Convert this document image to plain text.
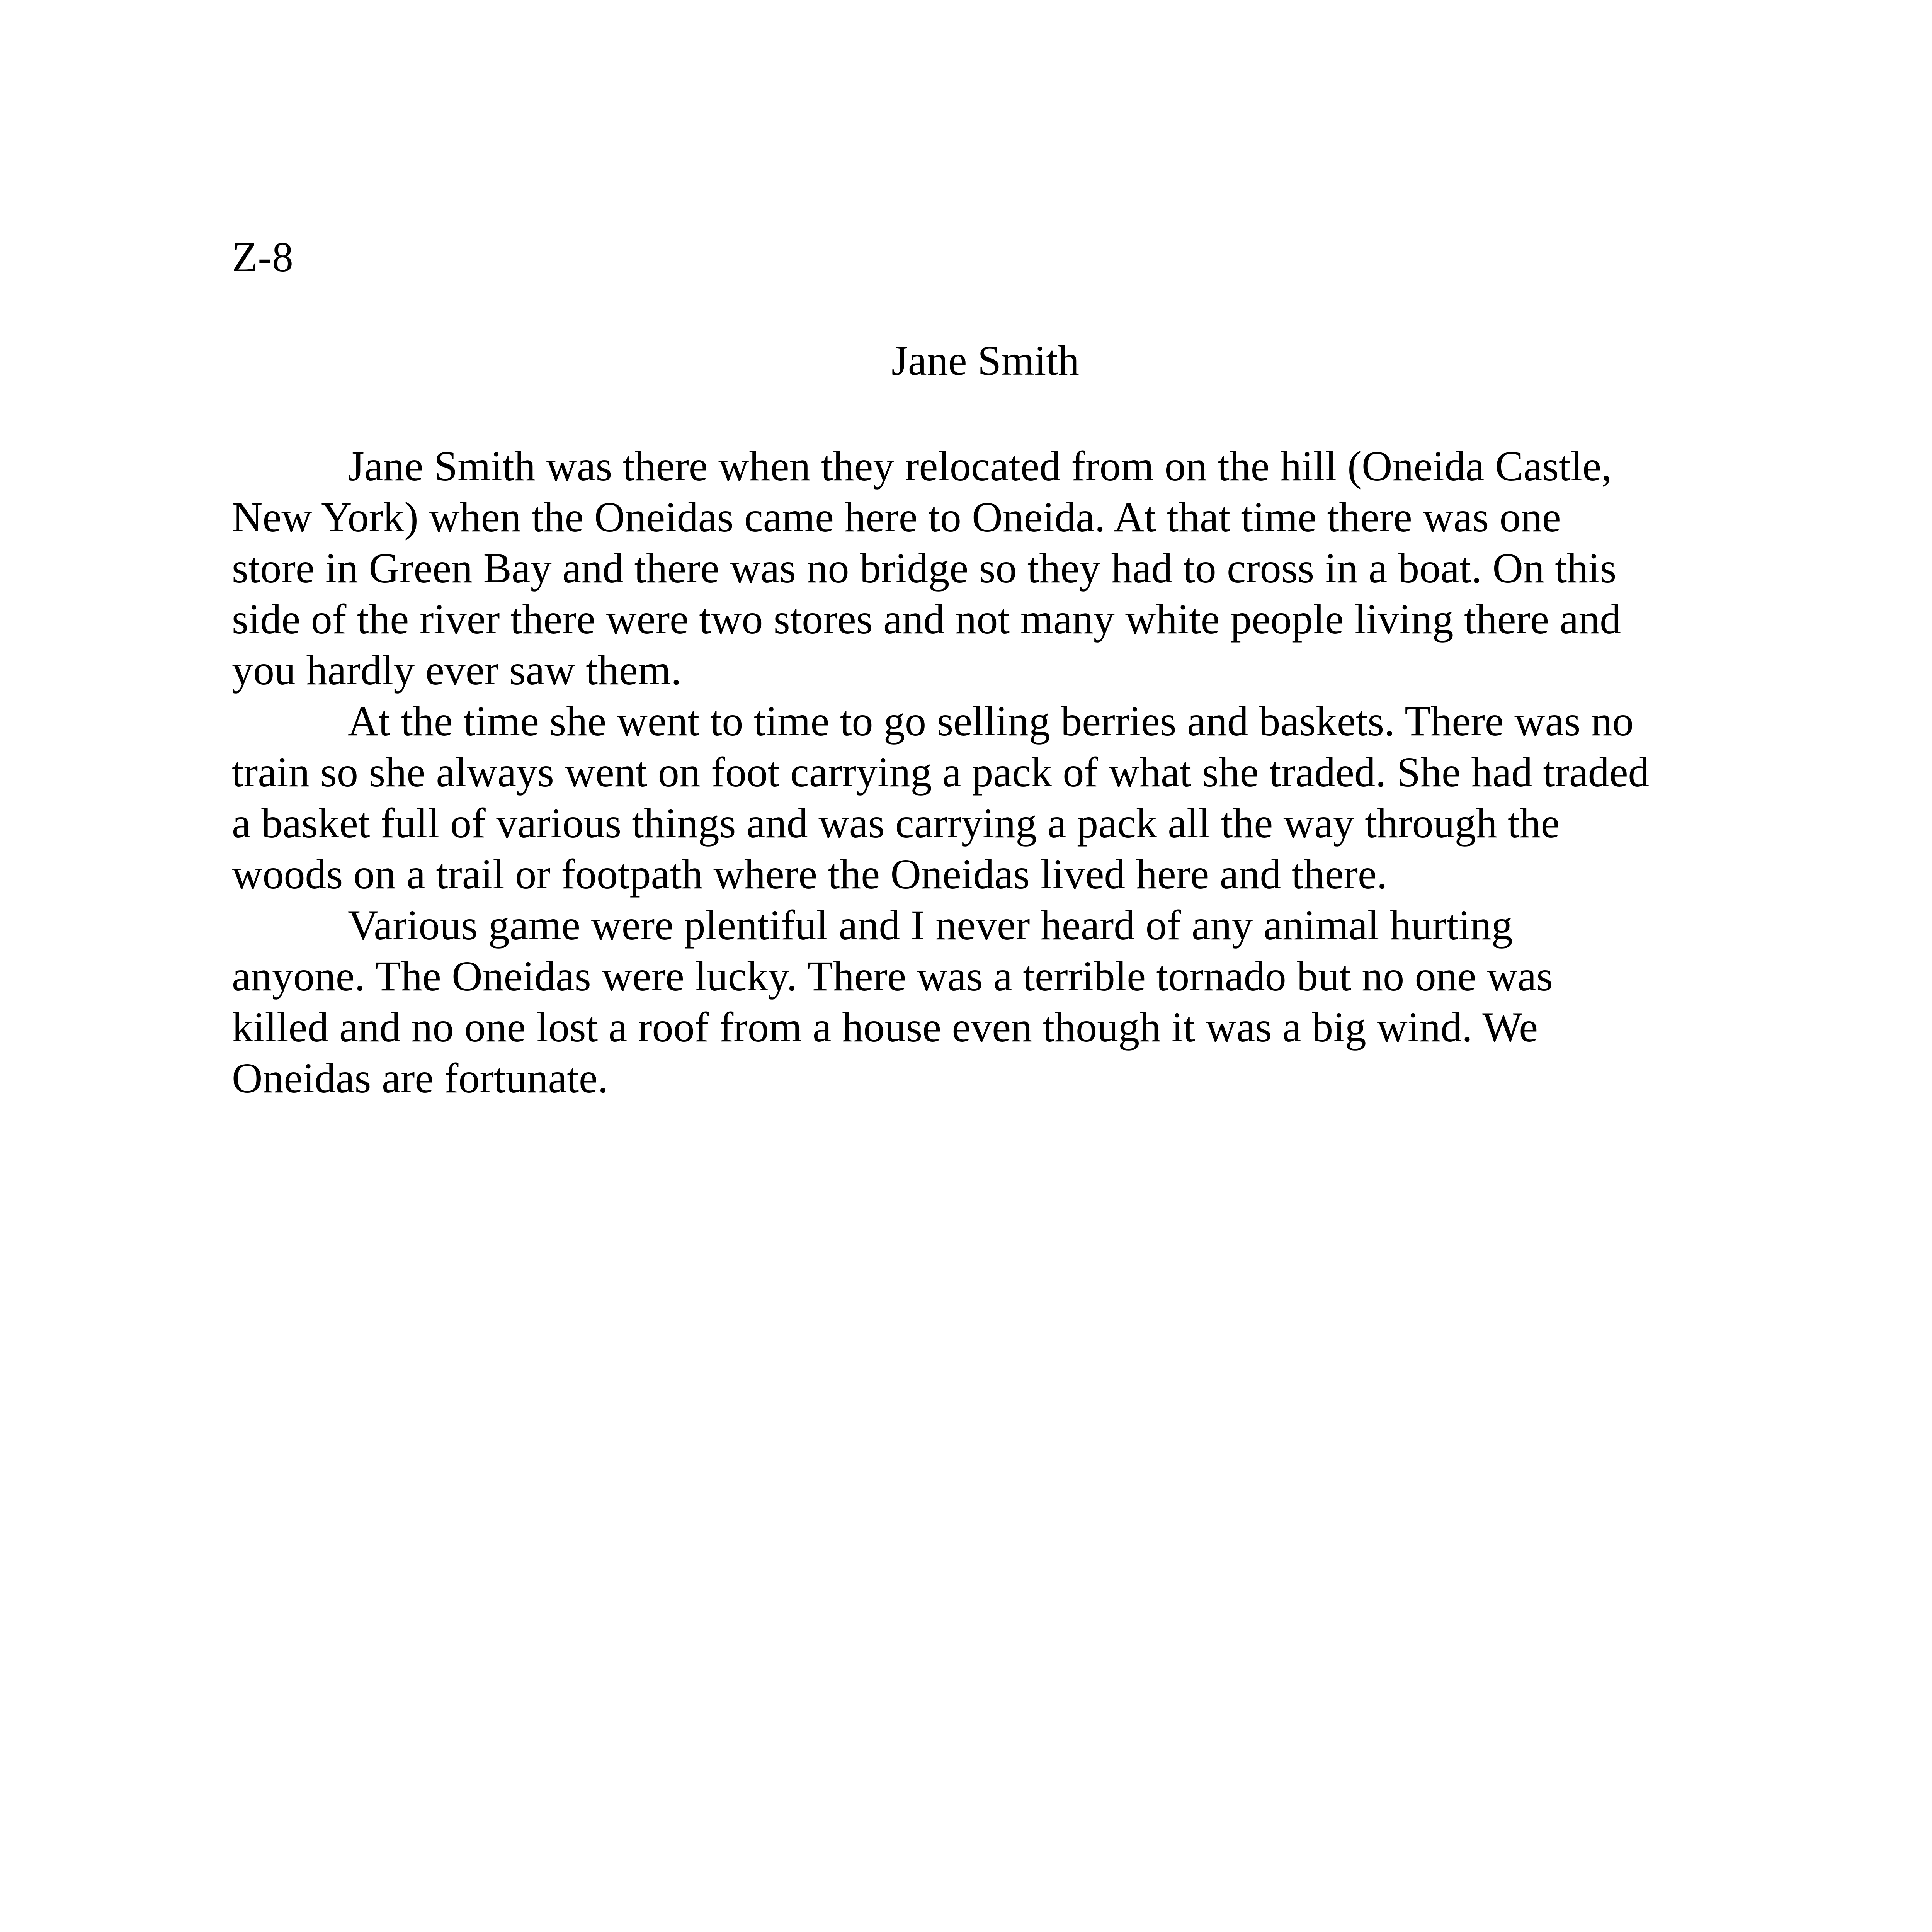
Z-8
Jane Smith
Jane Smith was there when they relocated from on the hill (Oneida Castle,
New York) when the Oneidas came here to Oneida. At that time there was one
store in Green Bay and there was no bridge so they had to cross in a boat. On this
side of the river there were two stores and not many white people living there and
you hardly ever saw them.
At the time she went to time to go selling berries and baskets. There was no
train so she always went on foot carrying a pack of what she traded. She had traded
a basket full of various things and was carrying a pack all the way through the
woods on a trail or footpath where the Oneidas lived here and there.
Various game were plentiful and I never heard of any animal hurting
anyone. The Oneidas were lucky. There was a terrible tornado but no one was
killed and no one lost a roof from a house even though it was a big wind. We
Oneidas are fortunate.
